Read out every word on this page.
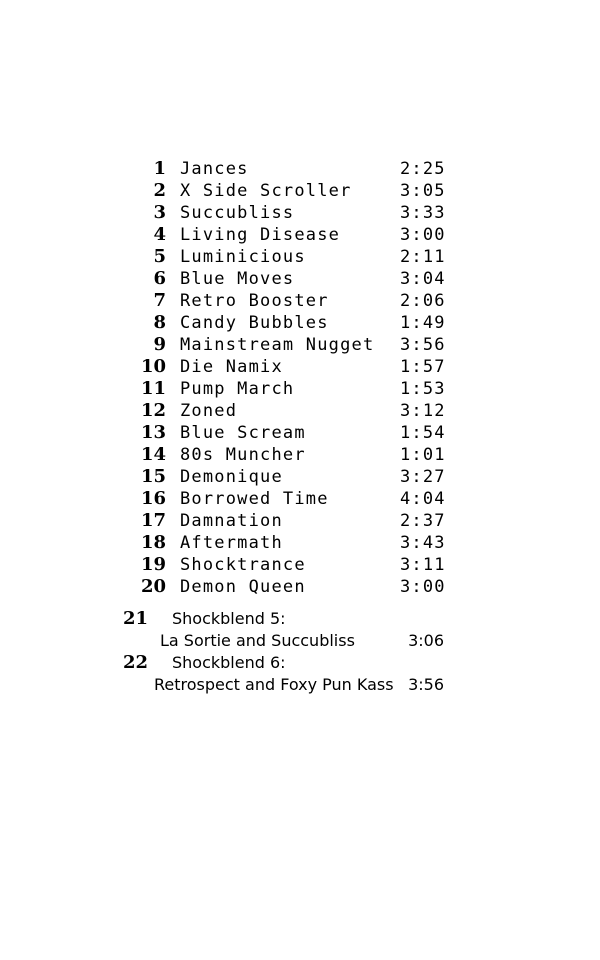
1 Jances	2:25
2 X Side Scroller	3:05
3 Succubliss	3:33
4 Living Disease	3:00
5 Luminicious	2:11
6 Blue Moves	3:04
7 Retro Booster	2:06
8 Candy Bubbles	1:49
9 Mainstream Nugget 3:56
10 Die Namix	1:57
11 Pump March	1:53
12 Zoned	3:12
13 Blue Scream	1:54
14 80s Muncher	1:01
15 Demonique	3:27
16 Borrowed Time	4:04
17 Damnation	2:37
18 Aftermath	3:43
19 Shocktrance	3:11
20 Demon Queen	3:00
21 Shockblend 5:
La Sortie and Succubliss	3:06
22 Shockblend 6:
Retrospect and Foxy Pun Kass 3:56
